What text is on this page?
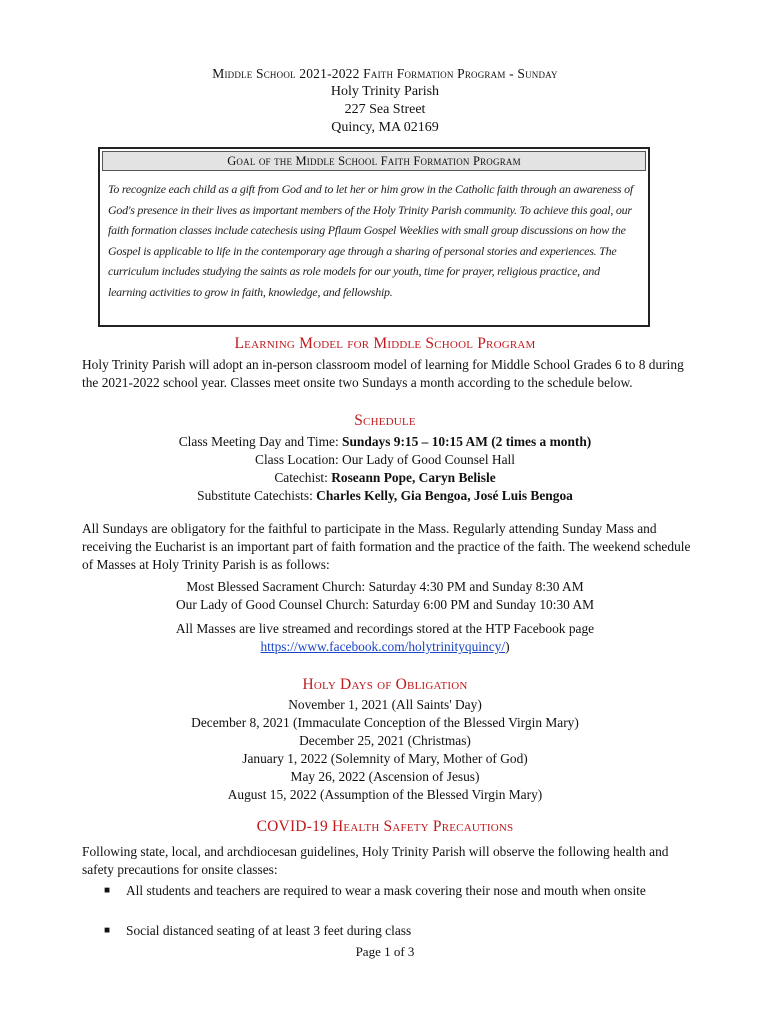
Middle School 2021-2022 Faith Formation Program - Sunday
Holy Trinity Parish
227 Sea Street
Quincy, MA 02169
Goal of the Middle School Faith Formation Program
To recognize each child as a gift from God and to let her or him grow in the Catholic faith through an awareness of God's presence in their lives as important members of the Holy Trinity Parish community. To achieve this goal, our faith formation classes include catechesis using Pflaum Gospel Weeklies with small group discussions on how the Gospel is applicable to life in the contemporary age through a sharing of personal stories and experiences. The curriculum includes studying the saints as role models for our youth, time for prayer, religious practice, and learning activities to grow in faith, knowledge, and fellowship.
Learning Model for Middle School Program
Holy Trinity Parish will adopt an in-person classroom model of learning for Middle School Grades 6 to 8 during the 2021-2022 school year. Classes meet onsite two Sundays a month according to the schedule below.
Schedule
Class Meeting Day and Time: Sundays 9:15 – 10:15 AM (2 times a month)
Class Location: Our Lady of Good Counsel Hall
Catechist: Roseann Pope, Caryn Belisle
Substitute Catechists: Charles Kelly, Gia Bengoa, José Luis Bengoa
All Sundays are obligatory for the faithful to participate in the Mass. Regularly attending Sunday Mass and receiving the Eucharist is an important part of faith formation and the practice of the faith. The weekend schedule of Masses at Holy Trinity Parish is as follows:
Most Blessed Sacrament Church: Saturday 4:30 PM and Sunday 8:30 AM
Our Lady of Good Counsel Church: Saturday 6:00 PM and Sunday 10:30 AM
All Masses are live streamed and recordings stored at the HTP Facebook page
https://www.facebook.com/holytrinityquincy/)
Holy Days of Obligation
November 1, 2021 (All Saints' Day)
December 8, 2021 (Immaculate Conception of the Blessed Virgin Mary)
December 25, 2021 (Christmas)
January 1, 2022 (Solemnity of Mary, Mother of God)
May 26, 2022 (Ascension of Jesus)
August 15, 2022 (Assumption of the Blessed Virgin Mary)
COVID-19 Health Safety Precautions
Following state, local, and archdiocesan guidelines, Holy Trinity Parish will observe the following health and safety precautions for onsite classes:
■ All students and teachers are required to wear a mask covering their nose and mouth when onsite
■ Social distanced seating of at least 3 feet during class
Page 1 of 3
